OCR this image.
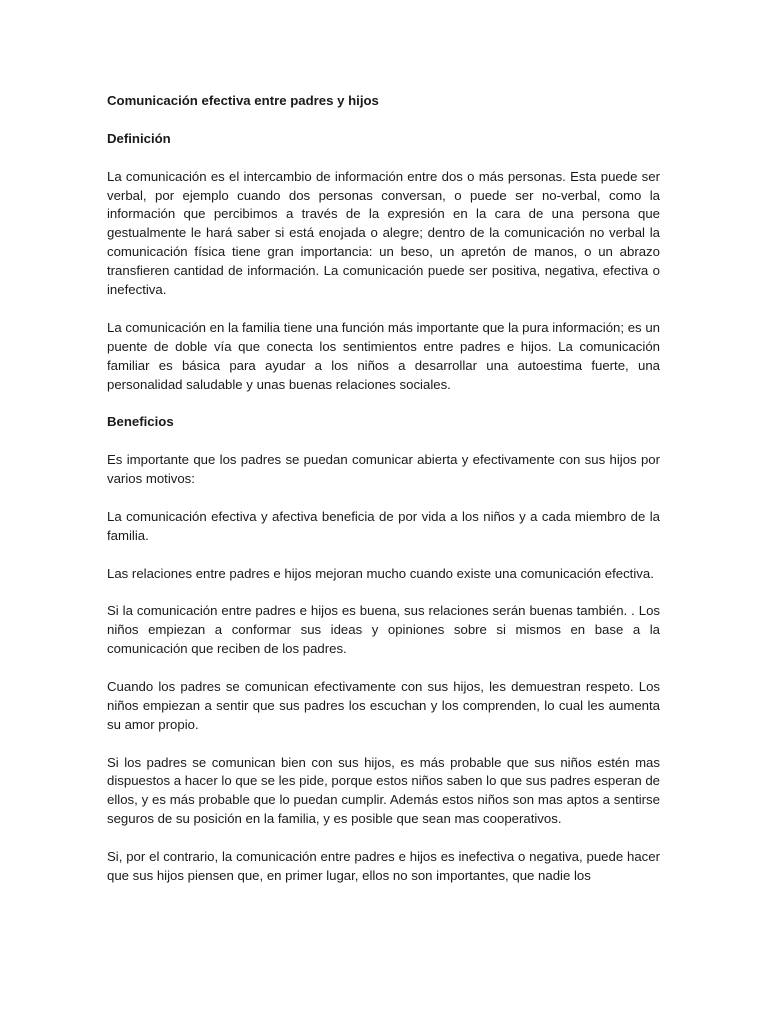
Comunicación efectiva entre padres y hijos

Definición

La comunicación es el intercambio de información entre dos o más personas. Esta puede ser verbal, por ejemplo cuando dos personas conversan, o puede ser no-verbal, como la información que percibimos a través de la expresión en la cara de una persona que gestualmente le hará saber si está enojada o alegre; dentro de la comunicación no verbal la comunicación física tiene gran importancia: un beso, un apretón de manos, o un abrazo transfieren cantidad de información. La comunicación puede ser positiva, negativa, efectiva o inefectiva.

La comunicación en la familia tiene una función más importante que la pura información; es un puente de doble vía que conecta los sentimientos entre padres e hijos. La comunicación familiar es básica para ayudar a los niños a desarrollar una autoestima fuerte, una personalidad saludable y unas buenas relaciones sociales.

Beneficios

Es importante que los padres se puedan comunicar abierta y efectivamente con sus hijos por varios motivos:

La comunicación efectiva y afectiva beneficia de por vida a los niños y a cada miembro de la familia.

Las relaciones entre padres e hijos mejoran mucho cuando existe una comunicación efectiva.

Si la comunicación entre padres e hijos es buena, sus relaciones serán buenas también. . Los niños empiezan a conformar sus ideas y opiniones sobre si mismos en base a la comunicación que reciben de los padres.

Cuando los padres se comunican efectivamente con sus hijos, les demuestran respeto. Los niños empiezan a sentir que sus padres los escuchan y los comprenden, lo cual les aumenta su amor propio.

Si los padres se comunican bien con sus hijos, es más probable que sus niños estén mas dispuestos a hacer lo que se les pide, porque estos niños saben lo que sus padres esperan de ellos, y es más probable que lo puedan cumplir. Además estos niños son mas aptos a sentirse seguros de su posición en la familia, y es posible que sean mas cooperativos.

Si, por el contrario, la comunicación entre padres e hijos es inefectiva o negativa, puede hacer que sus hijos piensen que, en primer lugar, ellos no son importantes, que nadie los
